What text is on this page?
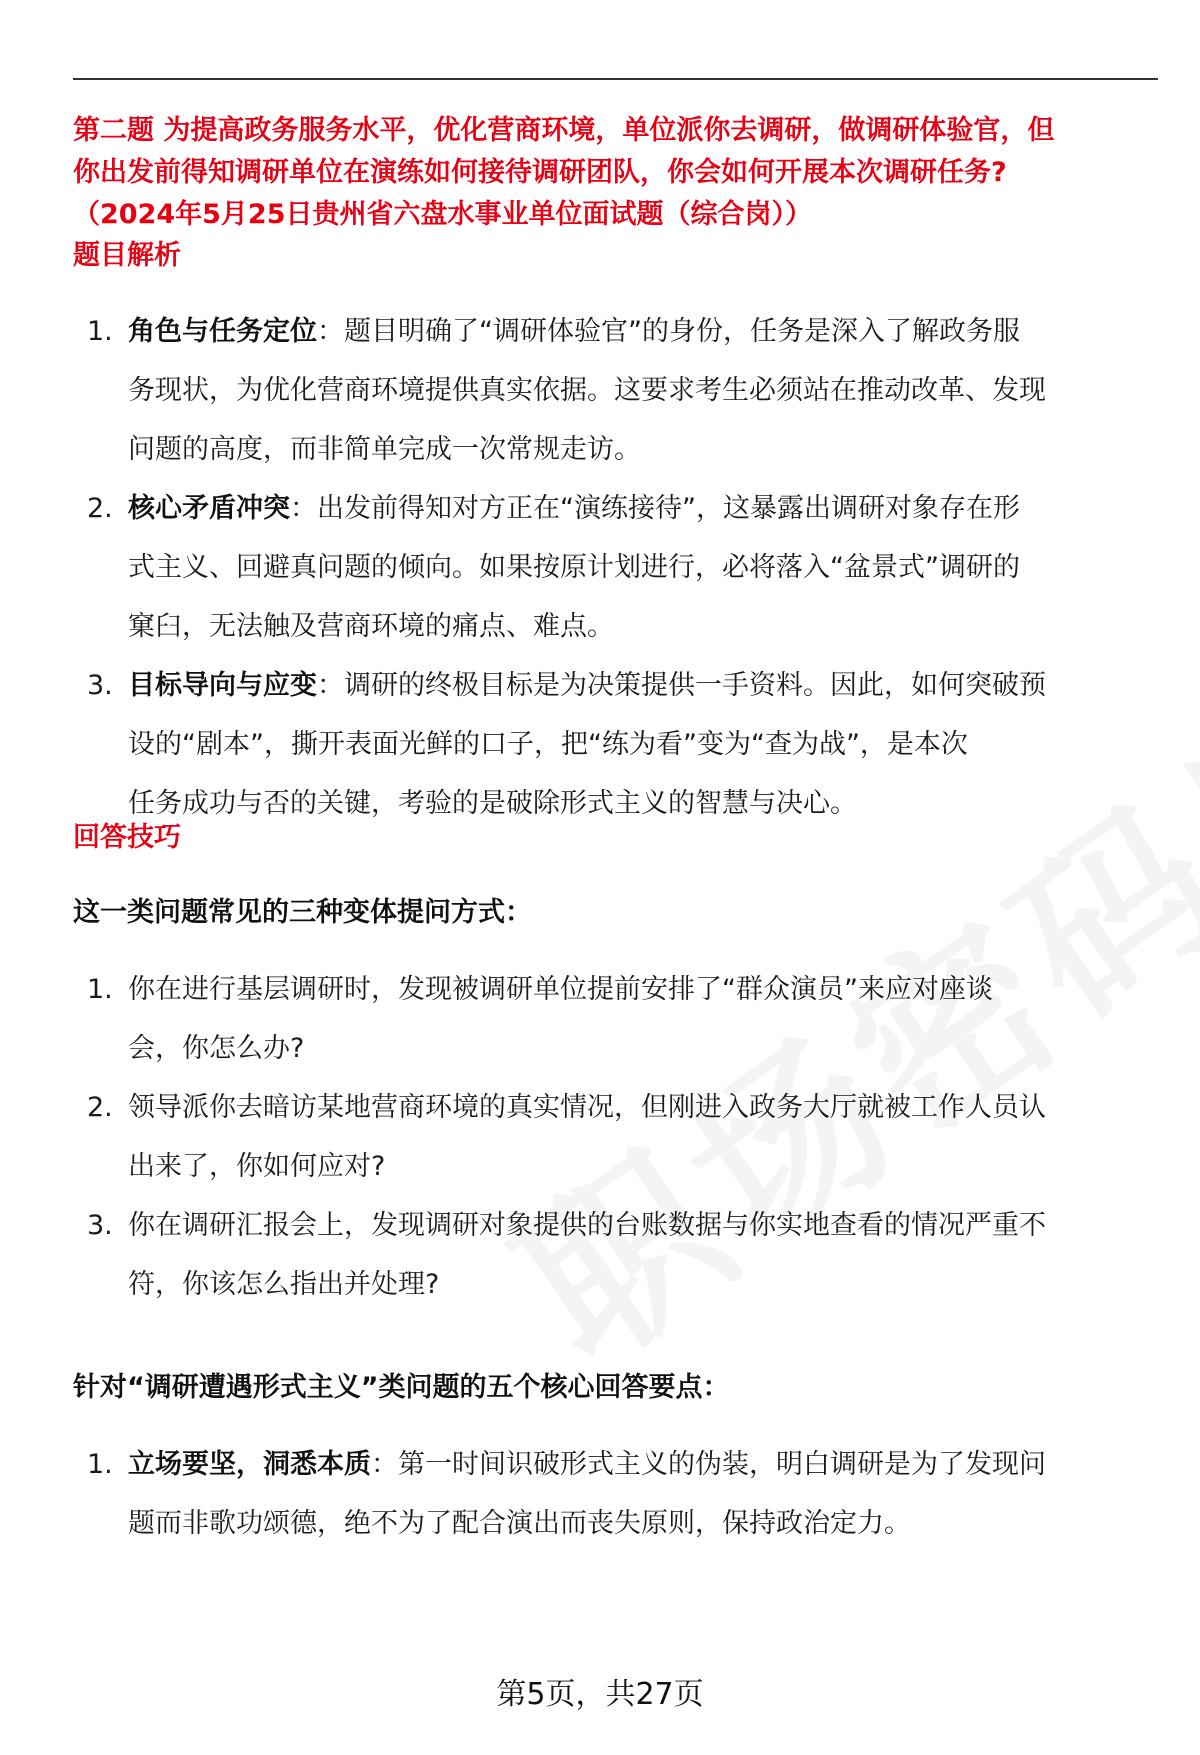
第二题 为提高政务服务水平，优化营商环境，单位派你去调研，做调研体验官，但

你出发前得知调研单位在演练如何接待调研团队，你会如何开展本次调研任务?

（2024年5月25日贵州省六盘水事业单位面试题（综合岗））

题目解析
1. 角色与任务定位：题目明确了“调研体验官”的身份，任务是深入了解政务服
务现状，为优化营商环境提供真实依据。这要求考生必须站在推动改革、发现
问题的高度，而非简单完成一次常规走访。
2. 核心矛盾冲突：出发前得知对方正在“演练接待”，这暴露出调研对象存在形
式主义、回避真问题的倾向。如果按原计划进行，必将落入“盆景式”调研的
窠臼，无法触及营商环境的痛点、难点。
3. 目标导向与应变：调研的终极目标是为决策提供一手资料。因此，如何突破预
设的“剧本”，撕开表面光鲜的口子，把“练为看”变为“查为战”，是本次
任务成功与否的关键，考验的是破除形式主义的智慧与决心。
回答技巧
这一类问题常见的三种变体提问方式：
1. 你在进行基层调研时，发现被调研单位提前安排了“群众演员”来应对座谈
会，你怎么办?
2. 领导派你去暗访某地营商环境的真实情况，但刚进入政务大厅就被工作人员认
出来了，你如何应对?
3. 你在调研汇报会上，发现调研对象提供的台账数据与你实地查看的情况严重不
符，你该怎么指出并处理?
针对“调研遭遇形式主义”类问题的五个核心回答要点：
1. 立场要坚，洞悉本质：第一时间识破形式主义的伪装，明白调研是为了发现问
题而非歌功颂德，绝不为了配合演出而丧失原则，保持政治定力。
第5页，共27页
